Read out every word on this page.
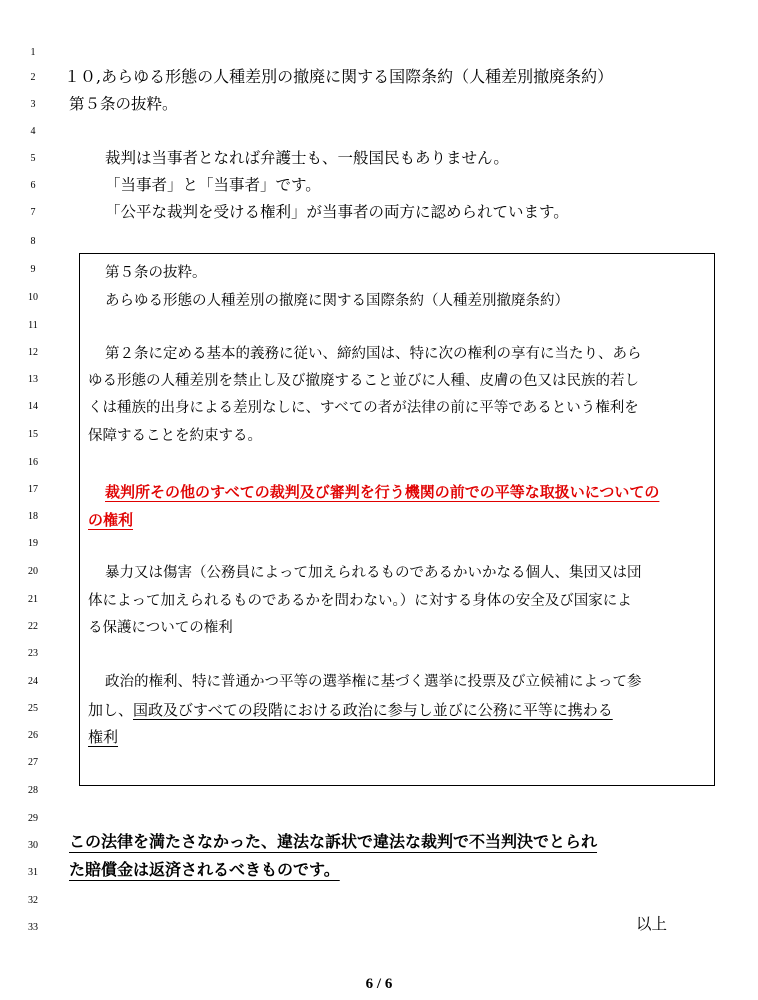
1
2
3
4
5
6
7
8
9
10
11
12
13
14
15
16
17
18
19
20
21
22
23
24
25
26
27
28
29
30
31
32
33
１０,あらゆる形態の人種差別の撤廃に関する国際条約（人種差別撤廃条約）
第５条の抜粋。
裁判は当事者となれば弁護士も、一般国民もありません。
「当事者」と「当事者」です。
「公平な裁判を受ける権利」が当事者の両方に認められています。
第５条の抜粋。
あらゆる形態の人種差別の撤廃に関する国際条約（人種差別撤廃条約）
第２条に定める基本的義務に従い、締約国は、特に次の権利の享有に当たり、あら
ゆる形態の人種差別を禁止し及び撤廃すること並びに人種、皮膚の色又は民族的若し
くは種族的出身による差別なしに、すべての者が法律の前に平等であるという権利を
保障することを約束する。
裁判所その他のすべての裁判及び審判を行う機関の前での平等な取扱いについての
の権利
暴力又は傷害（公務員によって加えられるものであるかいかなる個人、集団又は団
体によって加えられるものであるかを問わない。）に対する身体の安全及び国家によ
る保護についての権利
政治的権利、特に普通かつ平等の選挙権に基づく選挙に投票及び立候補によって参
加し、国政及びすべての段階における政治に参与し並びに公務に平等に携わる
権利
この法律を満たさなかった、違法な訴状で違法な裁判で不当判決でとられ
た賠償金は返済されるべきものです。
以上
6 / 6
